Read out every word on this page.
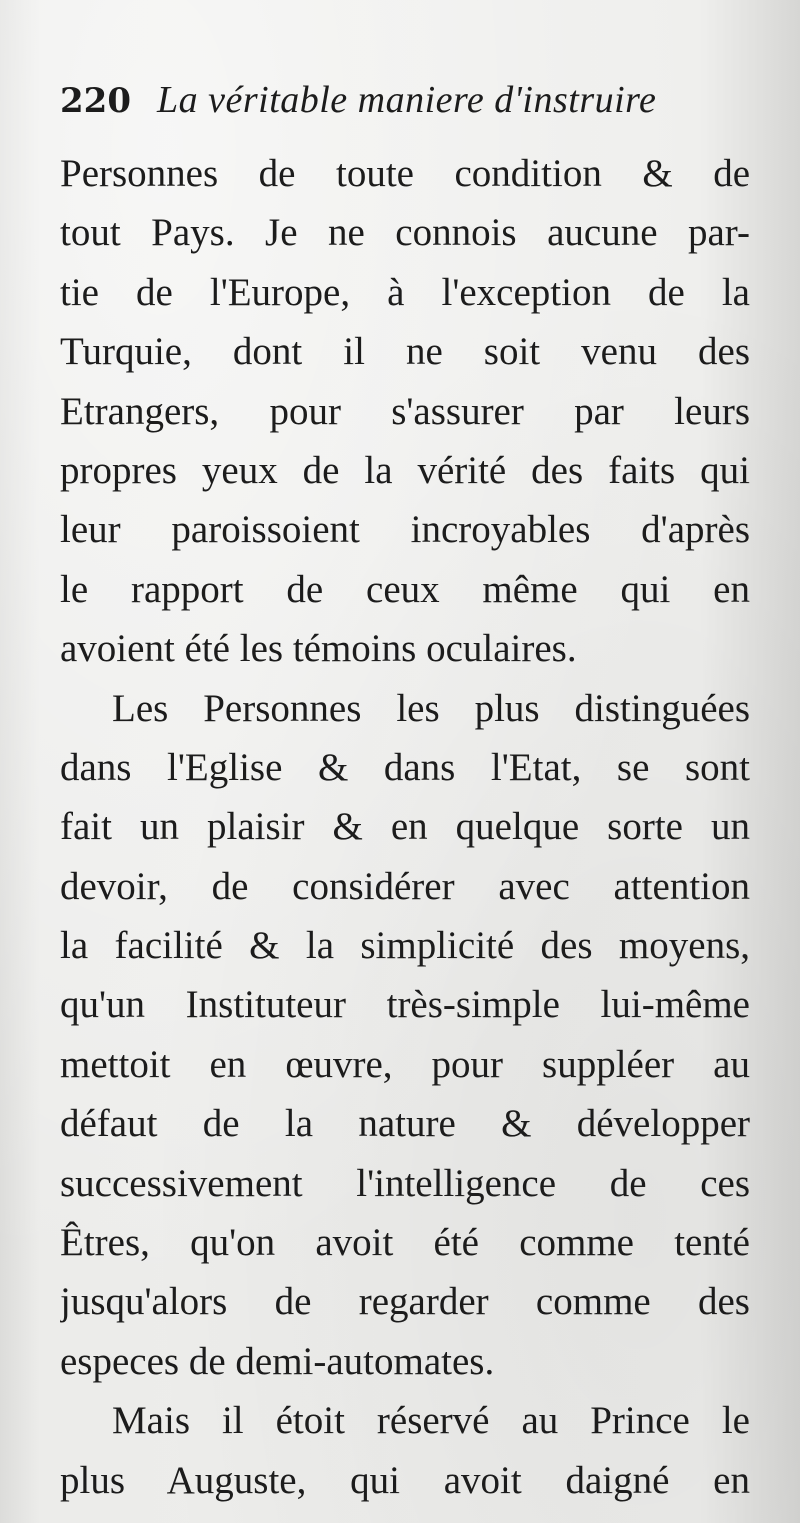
220 La véritable maniere d'instruire
Personnes de toute condition & de
tout Pays. Je ne connois aucune par-
tie de l'Europe, à l'exception de la
Turquie, dont il ne soit venu des
Etrangers, pour s'assurer par leurs
propres yeux de la vérité des faits qui
leur paroissoient incroyables d'après
le rapport de ceux même qui en
avoient été les témoins oculaires.
Les Personnes les plus distinguées
dans l'Eglise & dans l'Etat, se sont
fait un plaisir & en quelque sorte un
devoir, de considérer avec attention
la facilité & la simplicité des moyens,
qu'un Instituteur très-simple lui-même
mettoit en œuvre, pour suppléer au
défaut de la nature & développer
successivement l'intelligence de ces
Êtres, qu'on avoit été comme tenté
jusqu'alors de regarder comme des
especes de demi-automates.
Mais il étoit réservé au Prince le
plus Auguste, qui avoit daigné en
